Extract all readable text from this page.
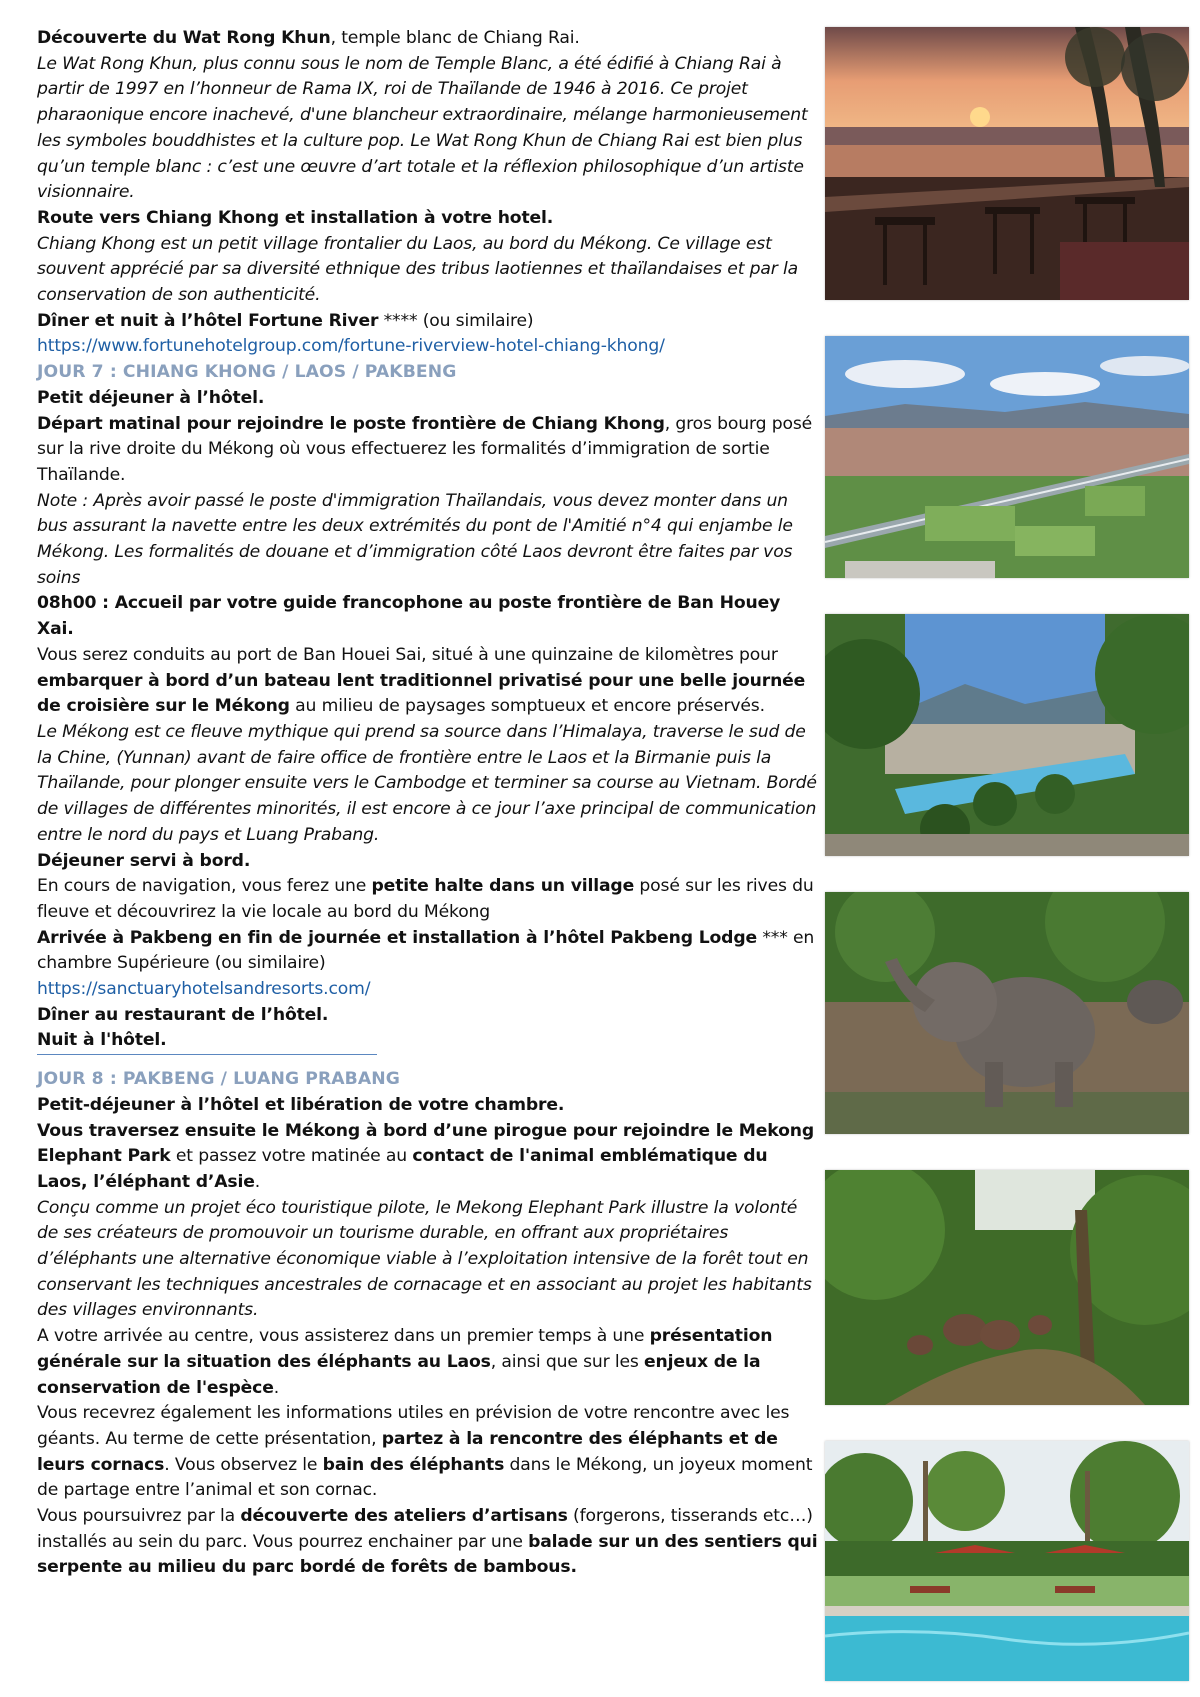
Découverte du Wat Rong Khun, temple blanc de Chiang Rai.

Le Wat Rong Khun, plus connu sous le nom de Temple Blanc, a été édifié à Chiang Rai à partir de 1997 en l’honneur de Rama IX, roi de Thaïlande de 1946 à 2016. Ce projet pharaonique encore inachevé, d'une blancheur extraordinaire, mélange harmonieusement les symboles bouddhistes et la culture pop. Le Wat Rong Khun de Chiang Rai est bien plus qu’un temple blanc : c’est une œuvre d’art totale et la réflexion philosophique d’un artiste visionnaire.

Route vers Chiang Khong et installation à votre hotel.

Chiang Khong est un petit village frontalier du Laos, au bord du Mékong. Ce village est souvent apprécié par sa diversité ethnique des tribus laotiennes et thaïlandaises et par la conservation de son authenticité.

Dîner et nuit à l’hôtel Fortune River **** (ou similaire)

https://www.fortunehotelgroup.com/fortune-riverview-hotel-chiang-khong/

JOUR 7 : CHIANG KHONG / LAOS / PAKBENG

Petit déjeuner à l’hôtel.

Départ matinal pour rejoindre le poste frontière de Chiang Khong, gros bourg posé sur la rive droite du Mékong où vous effectuerez les formalités d’immigration de sortie Thaïlande.

Note : Après avoir passé le poste d'immigration Thaïlandais, vous devez monter dans un bus assurant la navette entre les deux extrémités du pont de l'Amitié n°4 qui enjambe le Mékong. Les formalités de douane et d’immigration côté Laos devront être faites par vos soins

08h00 : Accueil par votre guide francophone au poste frontière de Ban Houey Xai.

Vous serez conduits au port de Ban Houei Sai, situé à une quinzaine de kilomètres pour embarquer à bord d’un bateau lent traditionnel privatisé pour une belle journée de croisière sur le Mékong au milieu de paysages somptueux et encore préservés.

Le Mékong est ce fleuve mythique qui prend sa source dans l’Himalaya, traverse le sud de la Chine, (Yunnan) avant de faire office de frontière entre le Laos et la Birmanie puis la Thaïlande, pour plonger ensuite vers le Cambodge et terminer sa course au Vietnam. Bordé de villages de différentes minorités, il est encore à ce jour l’axe principal de communication entre le nord du pays et Luang Prabang.

Déjeuner servi à bord.

En cours de navigation, vous ferez une petite halte dans un village posé sur les rives du fleuve et découvrirez la vie locale au bord du Mékong

Arrivée à Pakbeng en fin de journée et installation à l’hôtel Pakbeng Lodge *** en chambre Supérieure (ou similaire)

https://sanctuaryhotelsandresorts.com/

Dîner au restaurant de l’hôtel.

Nuit à l'hôtel.

JOUR 8 : PAKBENG / LUANG PRABANG

Petit-déjeuner à l’hôtel et libération de votre chambre.

Vous traversez ensuite le Mékong à bord d’une pirogue pour rejoindre le Mekong Elephant Park et passez votre matinée au contact de l'animal emblématique du Laos, l’éléphant d’Asie.

Conçu comme un projet éco touristique pilote, le Mekong Elephant Park illustre la volonté de ses créateurs de promouvoir un tourisme durable, en offrant aux propriétaires d’éléphants une alternative économique viable à l’exploitation intensive de la forêt tout en conservant les techniques ancestrales de cornacage et en associant au projet les habitants des villages environnants.

A votre arrivée au centre, vous assisterez dans un premier temps à une présentation générale sur la situation des éléphants au Laos, ainsi que sur les enjeux de la conservation de l'espèce.

Vous recevrez également les informations utiles en prévision de votre rencontre avec les géants. Au terme de cette présentation, partez à la rencontre des éléphants et de leurs cornacs. Vous observez le bain des éléphants dans le Mékong, un joyeux moment de partage entre l’animal et son cornac.

Vous poursuivrez par la découverte des ateliers d’artisans (forgerons, tisserands etc…) installés au sein du parc. Vous pourrez enchainer par une balade sur un des sentiers qui serpente au milieu du parc bordé de forêts de bambous.
